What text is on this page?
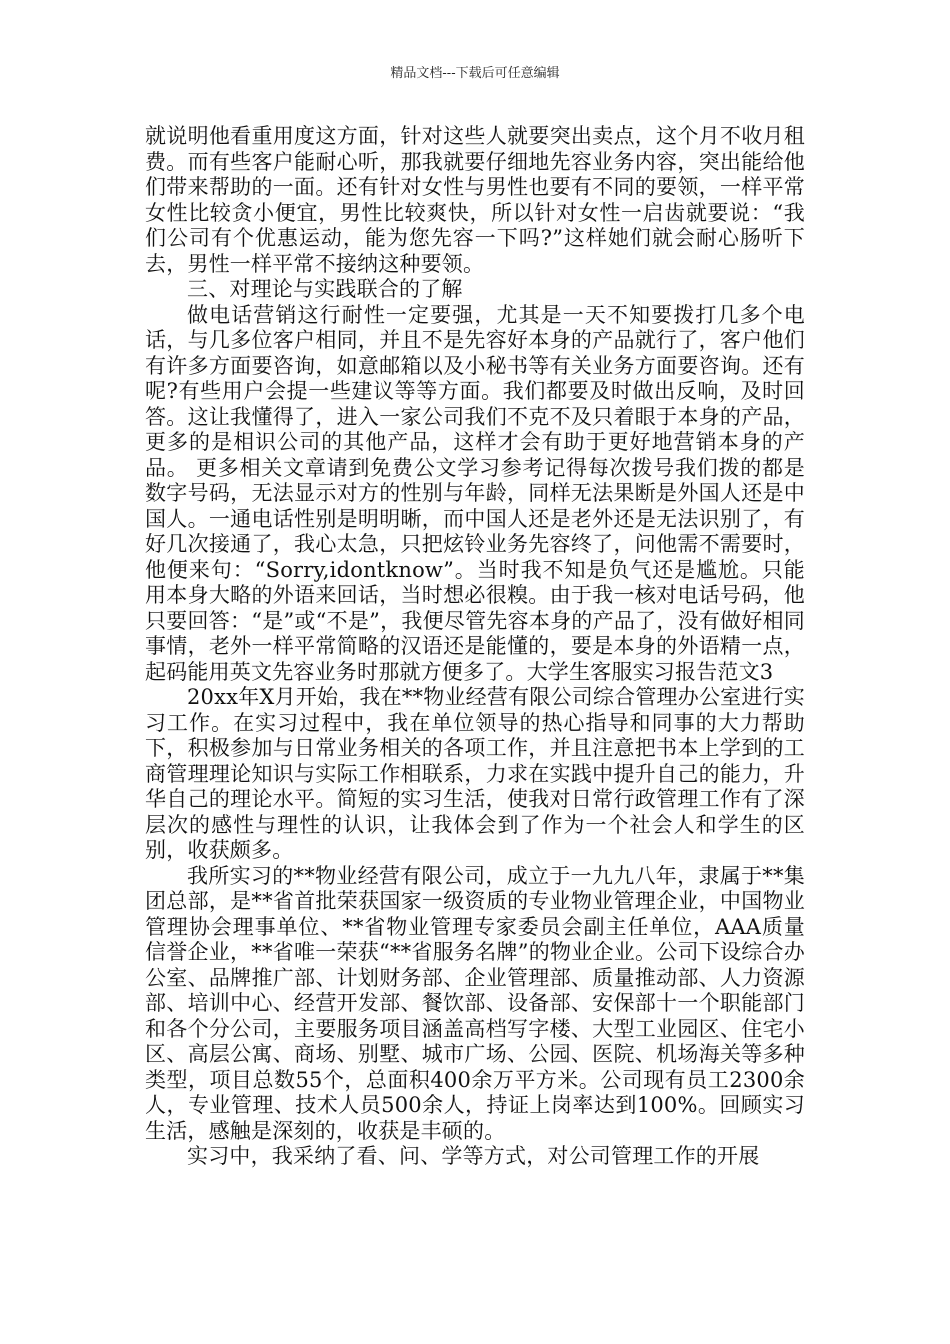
精品文档---下载后可任意编辑

就说明他看重用度这方面，针对这些人就要突出卖点，这个月不收月租费。而有些客户能耐心听，那我就要仔细地先容业务内容，突出能给他们带来帮助的一面。还有针对女性与男性也要有不同的要领，一样平常女性比较贪小便宜，男性比较爽快，所以针对女性一启齿就要说：“我们公司有个优惠运动，能为您先容一下吗?”这样她们就会耐心肠听下去，男性一样平常不接纳这种要领。

三、对理论与实践联合的了解

做电话营销这行耐性一定要强，尤其是一天不知要拨打几多个电话，与几多位客户相同，并且不是先容好本身的产品就行了，客户他们有许多方面要咨询，如意邮箱以及小秘书等有关业务方面要咨询。还有呢?有些用户会提一些建议等等方面。我们都要及时做出反响，及时回答。这让我懂得了，进入一家公司我们不克不及只着眼于本身的产品，更多的是相识公司的其他产品，这样才会有助于更好地营销本身的产品。 更多相关文章请到免费公文学习参考记得每次拨号我们拨的都是数字号码，无法显示对方的性别与年龄，同样无法果断是外国人还是中国人。一通电话性别是明明晰，而中国人还是老外还是无法识别了，有好几次接通了，我心太急，只把炫铃业务先容终了，问他需不需要时，他便来句：“Sorry,idontknow”。当时我不知是负气还是尴尬。只能用本身大略的外语来回话，当时想必很糗。由于我一核对电话号码，他只要回答：“是”或“不是”，我便尽管先容本身的产品了，没有做好相同事情，老外一样平常简略的汉语还是能懂的，要是本身的外语精一点，起码能用英文先容业务时那就方便多了。大学生客服实习报告范文3

20xx年X月开始，我在**物业经营有限公司综合管理办公室进行实习工作。在实习过程中，我在单位领导的热心指导和同事的大力帮助下，积极参加与日常业务相关的各项工作，并且注意把书本上学到的工商管理理论知识与实际工作相联系，力求在实践中提升自己的能力，升华自己的理论水平。简短的实习生活，使我对日常行政管理工作有了深层次的感性与理性的认识，让我体会到了作为一个社会人和学生的区别，收获颇多。

我所实习的**物业经营有限公司，成立于一九九八年，隶属于**集团总部，是**省首批荣获国家一级资质的专业物业管理企业，中国物业管理协会理事单位、**省物业管理专家委员会副主任单位，AAA质量信誉企业，**省唯一荣获“**省服务名牌”的物业企业。公司下设综合办公室、品牌推广部、计划财务部、企业管理部、质量推动部、人力资源部、培训中心、经营开发部、餐饮部、设备部、安保部十一个职能部门和各个分公司，主要服务项目涵盖高档写字楼、大型工业园区、住宅小区、高层公寓、商场、别墅、城市广场、公园、医院、机场海关等多种类型，项目总数55个，总面积400余万平方米。公司现有员工2300余人，专业管理、技术人员500余人，持证上岗率达到100%。回顾实习生活，感触是深刻的，收获是丰硕的。

实习中，我采纳了看、问、学等方式，对公司管理工作的开展
